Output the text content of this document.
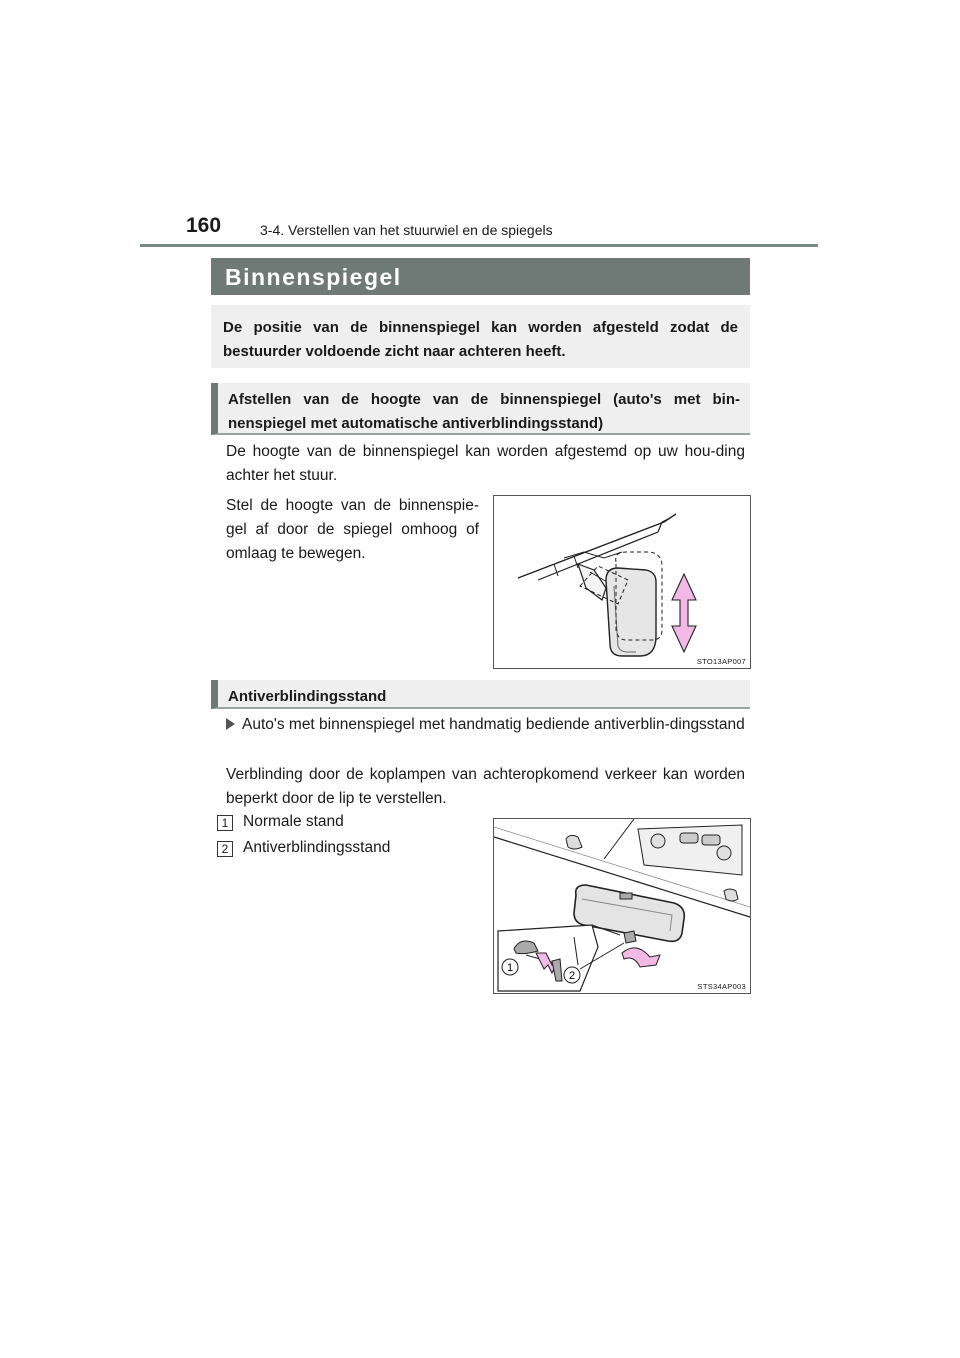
160	3-4. Verstellen van het stuurwiel en de spiegels
Binnenspiegel
De positie van de binnenspiegel kan worden afgesteld zodat de bestuurder voldoende zicht naar achteren heeft.
Afstellen van de hoogte van de binnenspiegel (auto's met bin-nenspiegel met automatische antiverblindingsstand)
De hoogte van de binnenspiegel kan worden afgestemd op uw hou-ding achter het stuur.
Stel de hoogte van de binnenspie-gel af door de spiegel omhoog of omlaag te bewegen.
STO13AP007
Antiverblindingsstand
Auto's met binnenspiegel met handmatig bediende antiverblin-dingsstand
Verblinding door de koplampen van achteropkomend verkeer kan worden beperkt door de lip te verstellen.
1 Normale stand
2 Antiverblindingsstand
1
2
STS34AP003
